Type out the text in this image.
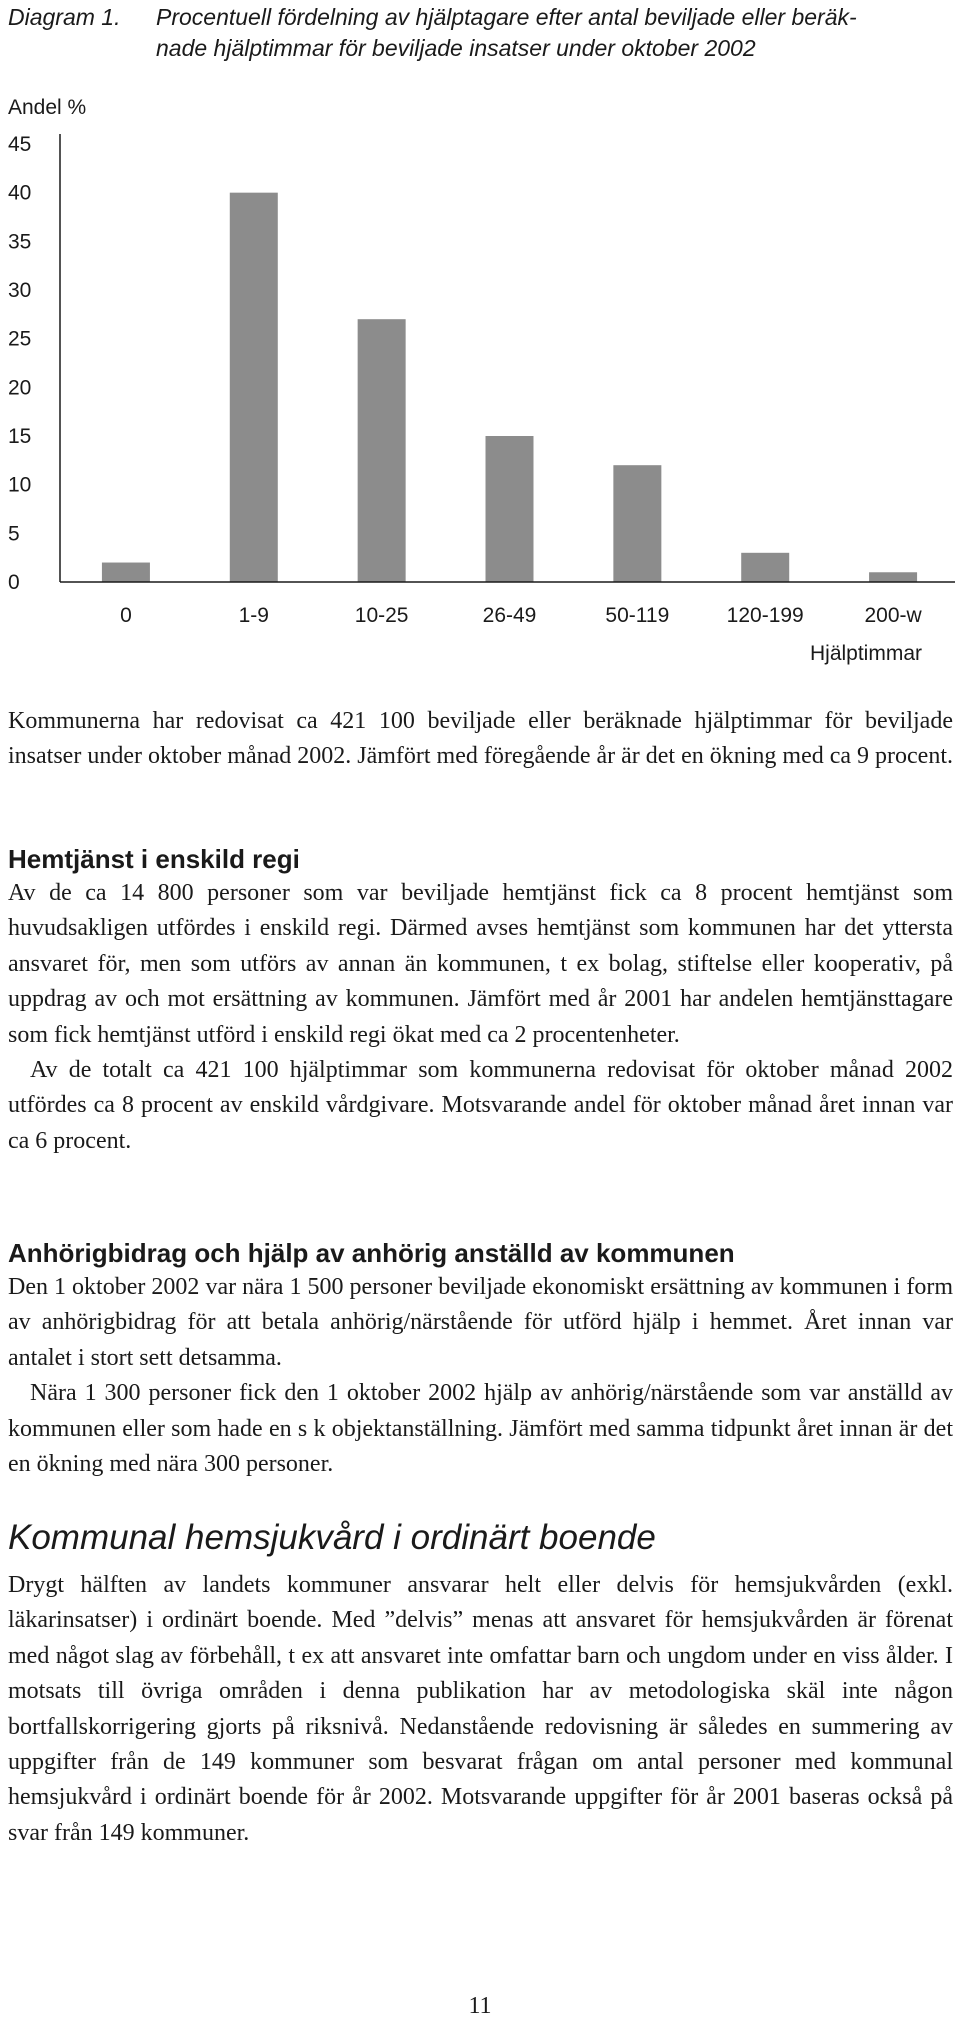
Diagram 1. Procentuell fördelning av hjälptagare efter antal beviljade eller beräk-
nade hjälptimmar för beviljade insatser under oktober 2002
Andel %
0
5
10
15
20
25
30
35
40
45
0	1-9	10-25	26-49	50-119	120-199	200-w
Hjälptimmar

Kommunerna har redovisat ca 421 100 beviljade eller beräknade hjälptimmar för beviljade insatser under oktober månad 2002. Jämfört med föregående år är det en ökning med ca 9 procent.

Hemtjänst i enskild regi

Av de ca 14 800 personer som var beviljade hemtjänst fick ca 8 procent hemtjänst som huvudsakligen utfördes i enskild regi. Därmed avses hemtjänst som kommunen har det yttersta ansvaret för, men som utförs av annan än kommunen, t ex bolag, stiftelse eller kooperativ, på uppdrag av och mot ersättning av kommunen. Jämfört med år 2001 har andelen hemtjänsttagare som fick hemtjänst utförd i enskild regi ökat med ca 2 procentenheter.

Av de totalt ca 421 100 hjälptimmar som kommunerna redovisat för oktober månad 2002 utfördes ca 8 procent av enskild vårdgivare. Motsvarande andel för oktober månad året innan var ca 6 procent.

Anhörigbidrag och hjälp av anhörig anställd av kommunen

Den 1 oktober 2002 var nära 1 500 personer beviljade ekonomiskt ersättning av kommunen i form av anhörigbidrag för att betala anhörig/närstående för utförd hjälp i hemmet. Året innan var antalet i stort sett detsamma.

Nära 1 300 personer fick den 1 oktober 2002 hjälp av anhörig/närstående som var anställd av kommunen eller som hade en s k objektanställning. Jämfört med samma tidpunkt året innan är det en ökning med nära 300 personer.

Kommunal hemsjukvård i ordinärt boende

Drygt hälften av landets kommuner ansvarar helt eller delvis för hemsjukvården (exkl. läkarinsatser) i ordinärt boende. Med ”delvis” menas att ansvaret för hemsjukvården är förenat med något slag av förbehåll, t ex att ansvaret inte omfattar barn och ungdom under en viss ålder. I motsats till övriga områden i denna publikation har av metodologiska skäl inte någon bortfallskorrigering gjorts på riksnivå. Nedanstående redovisning är således en summering av uppgifter från de 149 kommuner som besvarat frågan om antal personer med kommunal hemsjukvård i ordinärt boende för år 2002. Motsvarande uppgifter för år 2001 baseras också på svar från 149 kommuner.

11
